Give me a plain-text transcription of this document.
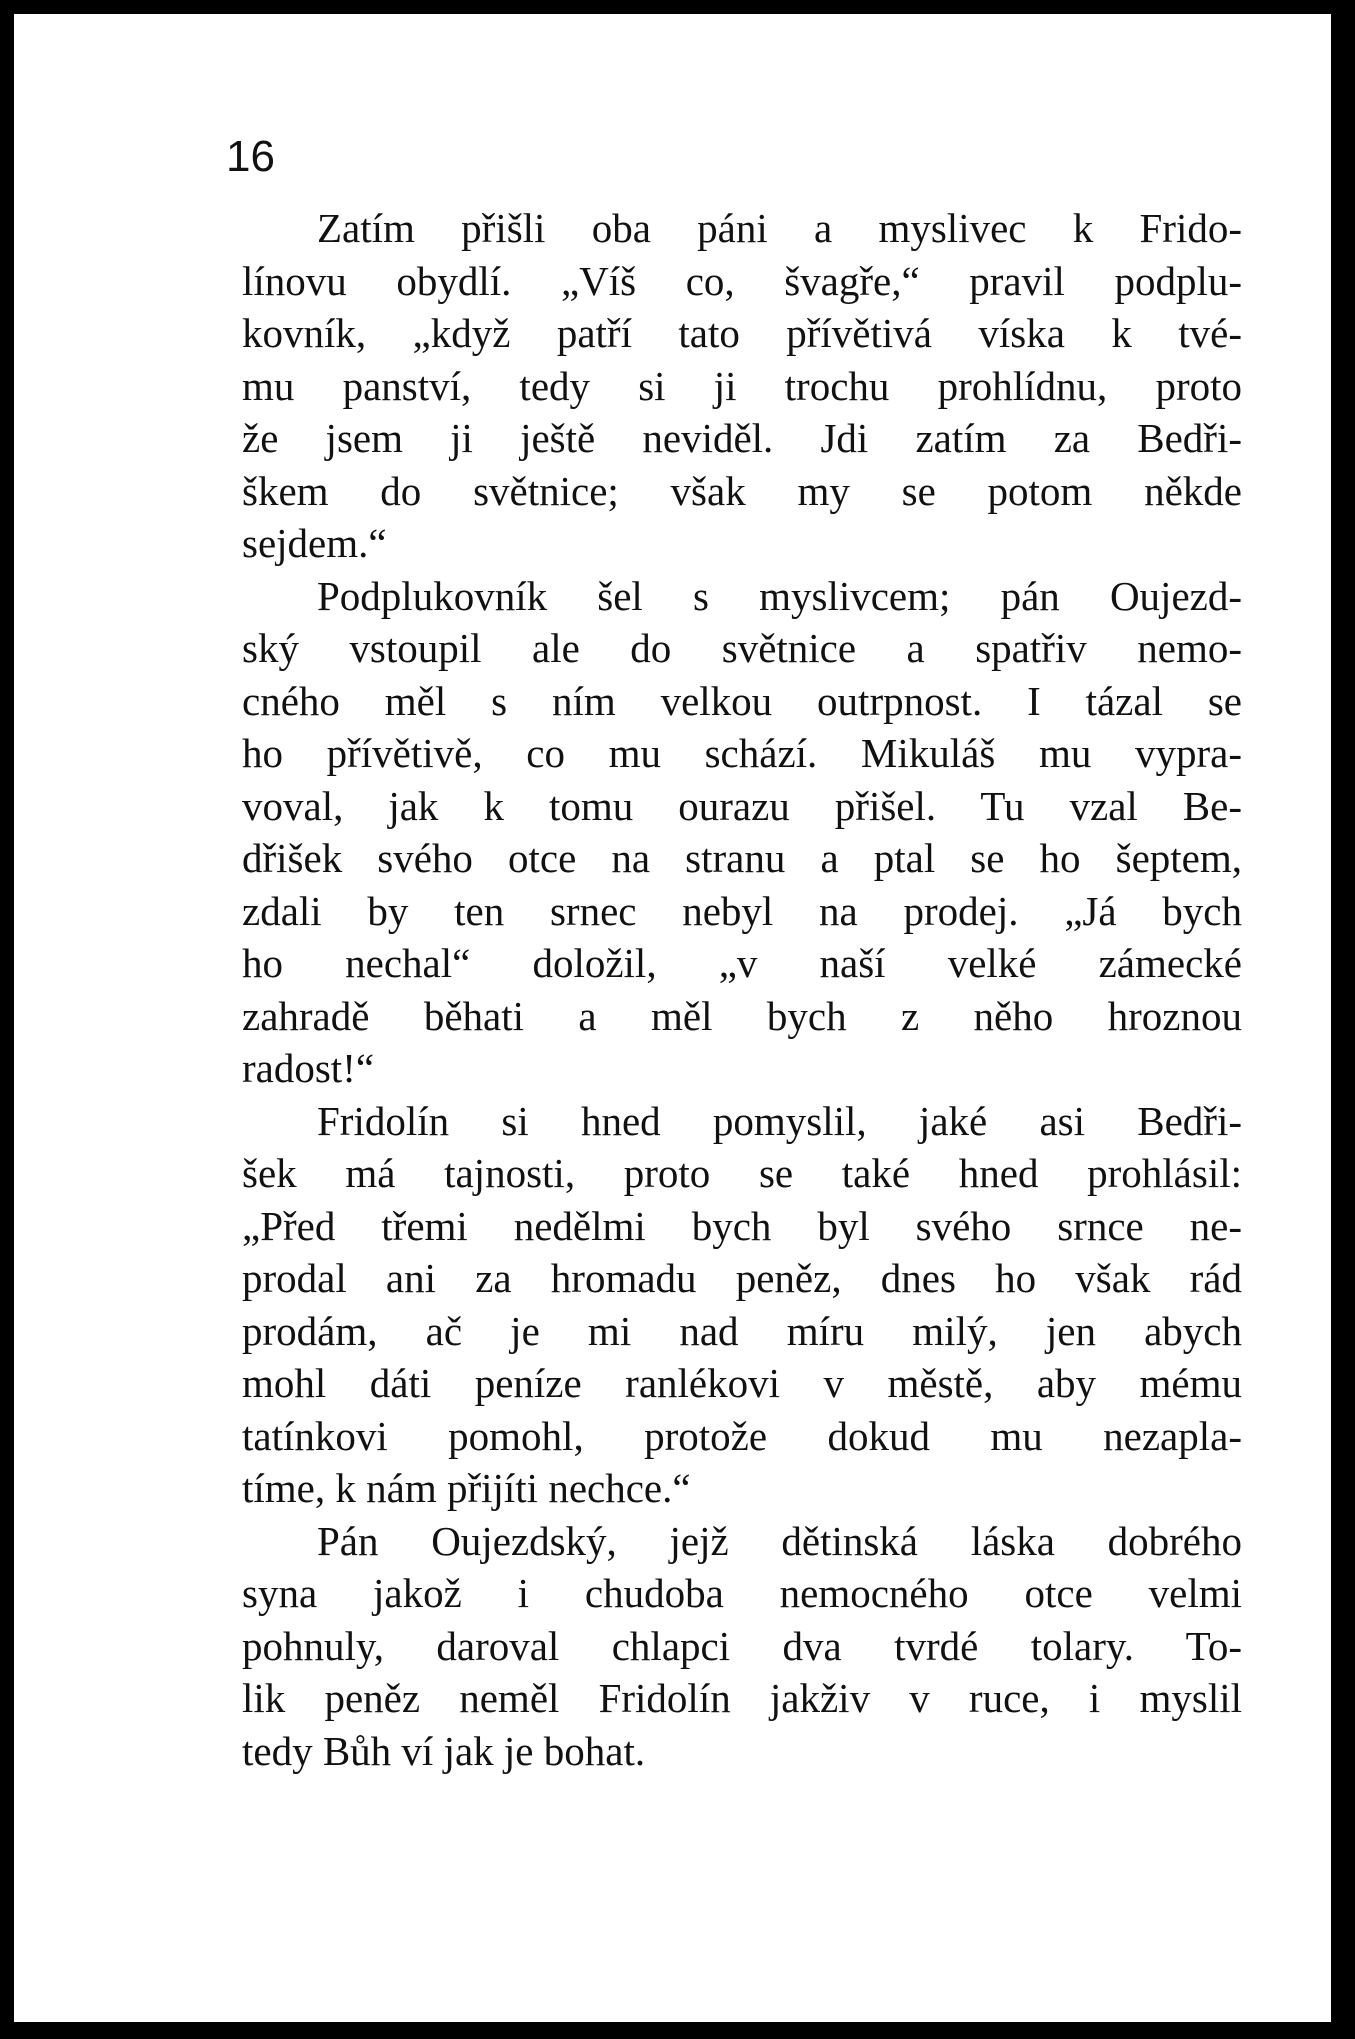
16
Zatím přišli oba páni a myslivec k Frido-
línovu obydlí. „Víš co, švagře,“ pravil podplu-
kovník, „když patří tato přívětivá víska k tvé-
mu panství, tedy si ji trochu prohlídnu, proto
že jsem ji ještě neviděl. Jdi zatím za Bedři-
škem do světnice; však my se potom někde
sejdem.“
Podplukovník šel s myslivcem; pán Oujezd-
ský vstoupil ale do světnice a spatřiv nemo-
cného měl s ním velkou outrpnost. I tázal se
ho přívětivě, co mu schází. Mikuláš mu vypra-
voval, jak k tomu ourazu přišel. Tu vzal Be-
dřišek svého otce na stranu a ptal se ho šeptem,
zdali by ten srnec nebyl na prodej. „Já bych
ho nechal“ doložil, „v naší velké zámecké
zahradě běhati a měl bych z něho hroznou
radost!“
Fridolín si hned pomyslil, jaké asi Bedři-
šek má tajnosti, proto se také hned prohlásil:
„Před třemi nedělmi bych byl svého srnce ne-
prodal ani za hromadu peněz, dnes ho však rád
prodám, ač je mi nad míru milý, jen abych
mohl dáti peníze ranlékovi v městě, aby mému
tatínkovi pomohl, protože dokud mu nezapla-
tíme, k nám přijíti nechce.“
Pán Oujezdský, jejž dětinská láska dobrého
syna jakož i chudoba nemocného otce velmi
pohnuly, daroval chlapci dva tvrdé tolary. To-
lik peněz neměl Fridolín jakživ v ruce, i myslil
tedy Bůh ví jak je bohat.
